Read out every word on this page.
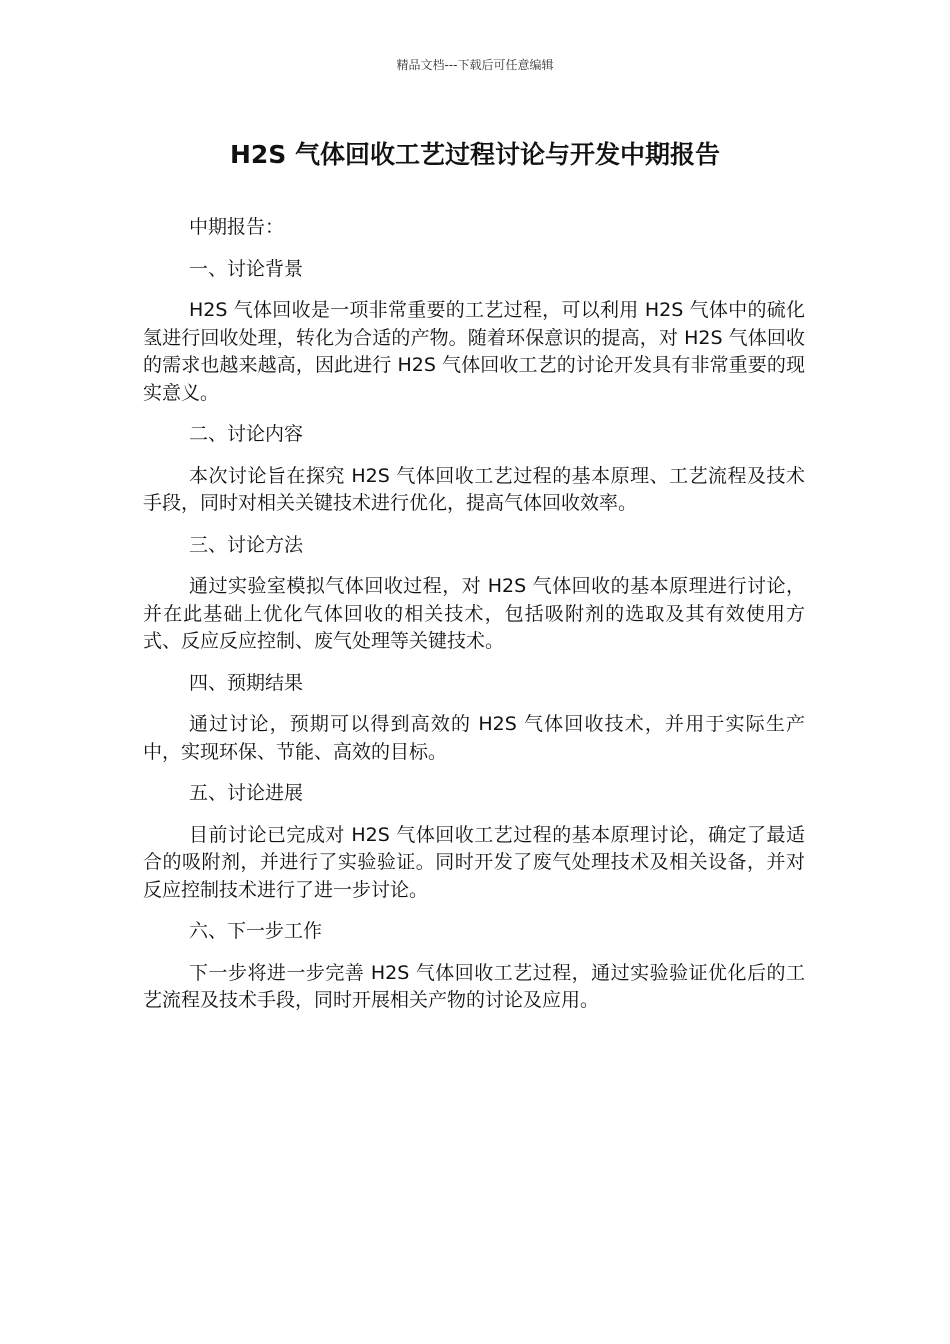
精品文档---下载后可任意编辑
H2S 气体回收工艺过程讨论与开发中期报告

中期报告：

一、讨论背景

H2S 气体回收是一项非常重要的工艺过程，可以利用 H2S 气体中的硫化氢进行回收处理，转化为合适的产物。随着环保意识的提高，对 H2S 气体回收的需求也越来越高，因此进行 H2S 气体回收工艺的讨论开发具有非常重要的现实意义。

二、讨论内容

本次讨论旨在探究 H2S 气体回收工艺过程的基本原理、工艺流程及技术手段，同时对相关关键技术进行优化，提高气体回收效率。

三、讨论方法

通过实验室模拟气体回收过程，对 H2S 气体回收的基本原理进行讨论，并在此基础上优化气体回收的相关技术，包括吸附剂的选取及其有效使用方式、反应反应控制、废气处理等关键技术。

四、预期结果

通过讨论，预期可以得到高效的 H2S 气体回收技术，并用于实际生产中，实现环保、节能、高效的目标。

五、讨论进展

目前讨论已完成对 H2S 气体回收工艺过程的基本原理讨论，确定了最适合的吸附剂，并进行了实验验证。同时开发了废气处理技术及相关设备，并对反应控制技术进行了进一步讨论。

六、下一步工作

下一步将进一步完善 H2S 气体回收工艺过程，通过实验验证优化后的工艺流程及技术手段，同时开展相关产物的讨论及应用。
